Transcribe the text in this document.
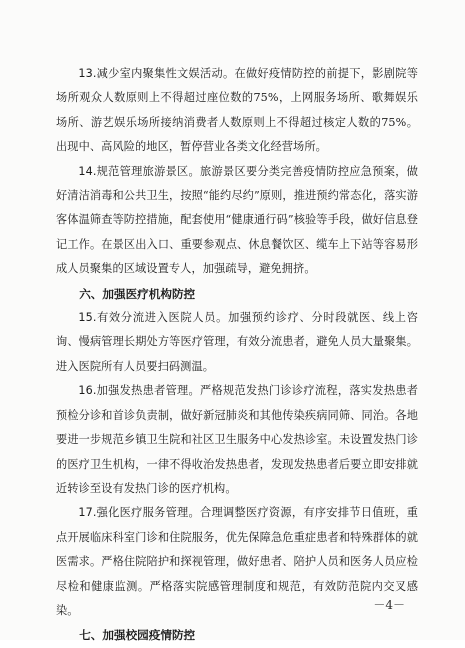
13.减少室内聚集性文娱活动。在做好疫情防控的前提下，影剧院等场所观众人数原则上不得超过座位数的75%，上网服务场所、歌舞娱乐场所、游艺娱乐场所接纳消费者人数原则上不得超过核定人数的75%。出现中、高风险的地区，暂停营业各类文化经营场所。

14.规范管理旅游景区。旅游景区要分类完善疫情防控应急预案，做好清洁消毒和公共卫生，按照“能约尽约”原则，推进预约常态化，落实游客体温筛查等防控措施，配套使用“健康通行码”核验等手段，做好信息登记工作。在景区出入口、重要参观点、休息餐饮区、缆车上下站等容易形成人员聚集的区域设置专人，加强疏导，避免拥挤。

六、加强医疗机构防控

15.有效分流进入医院人员。加强预约诊疗、分时段就医、线上咨询、慢病管理长期处方等医疗管理，有效分流患者，避免人员大量聚集。进入医院所有人员要扫码测温。

16.加强发热患者管理。严格规范发热门诊诊疗流程，落实发热患者预检分诊和首诊负责制，做好新冠肺炎和其他传染疾病同筛、同治。各地要进一步规范乡镇卫生院和社区卫生服务中心发热诊室。未设置发热门诊的医疗卫生机构，一律不得收治发热患者，发现发热患者后要立即安排就近转诊至设有发热门诊的医疗机构。

17.强化医疗服务管理。合理调整医疗资源，有序安排节日值班，重点开展临床科室门诊和住院服务，优先保障急危重症患者和特殊群体的就医需求。严格住院陪护和探视管理，做好患者、陪护人员和医务人员应检尽检和健康监测。严格落实院感管理制度和规范，有效防范院内交叉感染。

七、加强校园疫情防控

－4－
